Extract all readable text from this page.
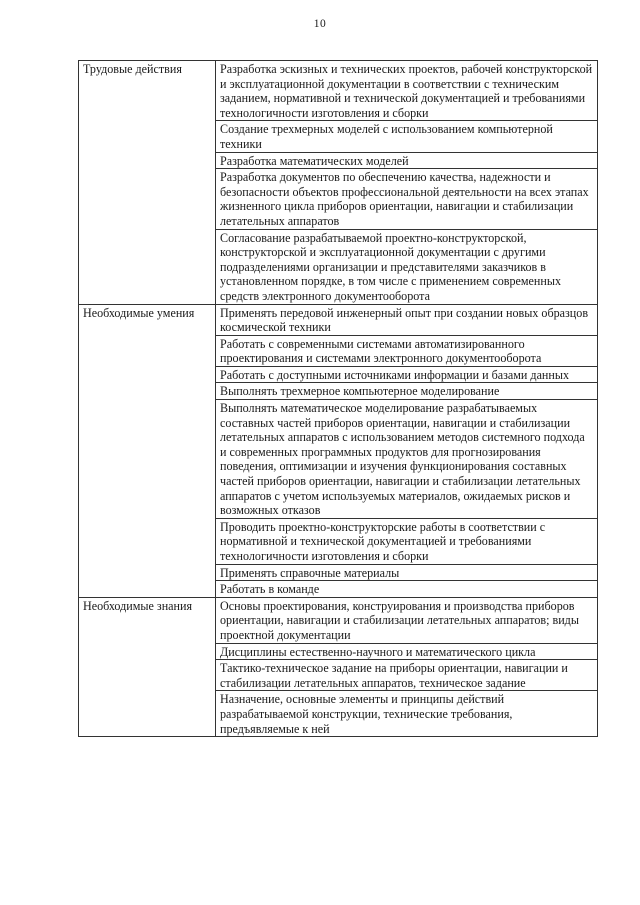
10
Трудовые действия	Разработка эскизных и технических проектов, рабочей конструкторской и эксплуатационной документации в соответствии с техническим заданием, нормативной и технической документацией и требованиями технологичности изготовления и сборки
	Создание трехмерных моделей с использованием компьютерной техники
	Разработка математических моделей
	Разработка документов по обеспечению качества, надежности и безопасности объектов профессиональной деятельности на всех этапах жизненного цикла приборов ориентации, навигации и стабилизации летательных аппаратов
	Согласование разрабатываемой проектно-конструкторской, конструкторской и эксплуатационной документации с другими подразделениями организации и представителями заказчиков в установленном порядке, в том числе с применением современных средств электронного документооборота
Необходимые умения	Применять передовой инженерный опыт при создании новых образцов космической техники
	Работать с современными системами автоматизированного проектирования и системами электронного документооборота
	Работать с доступными источниками информации и базами данных
	Выполнять трехмерное компьютерное моделирование
	Выполнять математическое моделирование разрабатываемых составных частей приборов ориентации, навигации и стабилизации летательных аппаратов с использованием методов системного подхода и современных программных продуктов для прогнозирования поведения, оптимизации и изучения функционирования составных частей приборов ориентации, навигации и стабилизации летательных аппаратов с учетом используемых материалов, ожидаемых рисков и возможных отказов
	Проводить проектно-конструкторские работы в соответствии с нормативной и технической документацией и требованиями технологичности изготовления и сборки
	Применять справочные материалы
	Работать в команде
Необходимые знания	Основы проектирования, конструирования и производства приборов ориентации, навигации и стабилизации летательных аппаратов; виды проектной документации
	Дисциплины естественно-научного и математического цикла
	Тактико-техническое задание на приборы ориентации, навигации и стабилизации летательных аппаратов, техническое задание
	Назначение, основные элементы и принципы действий разрабатываемой конструкции, технические требования, предъявляемые к ней
